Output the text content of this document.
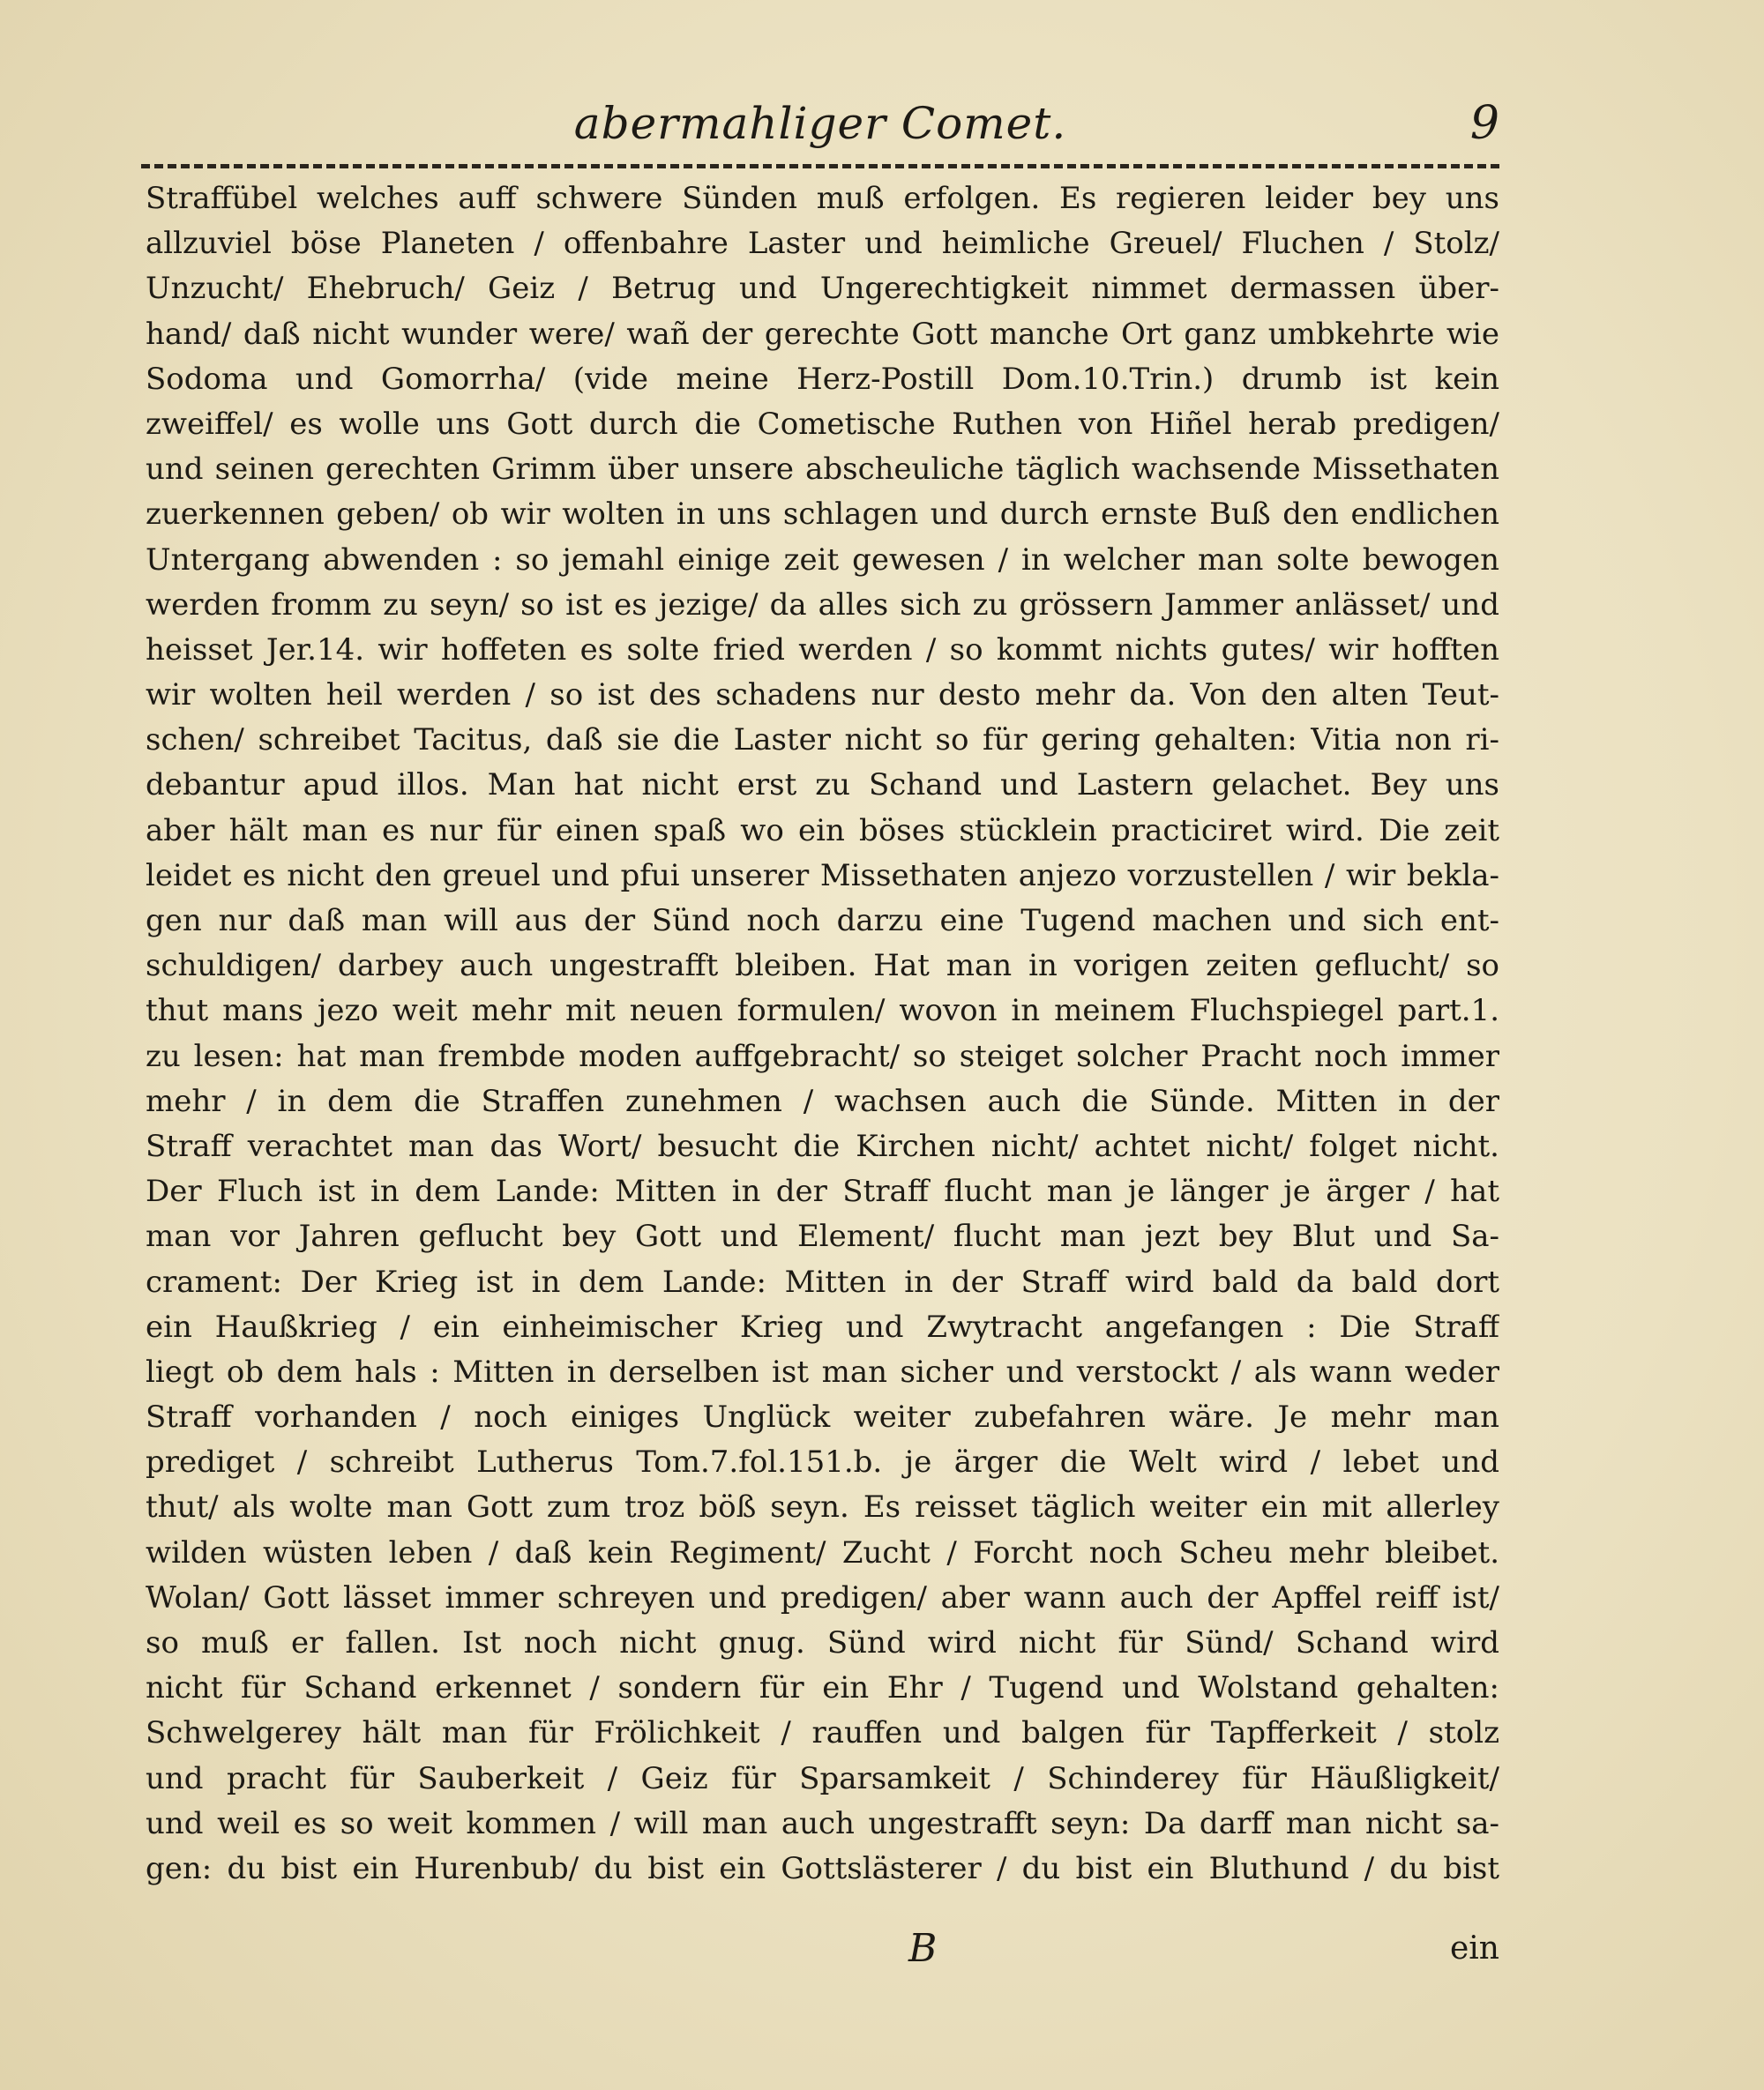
abermahliger Comet.	9
Straffübel welches auff schwere Sünden muß erfolgen. Es regieren leider bey uns
allzuviel böse Planeten / offenbahre Laster und heimliche Greuel/ Fluchen / Stolz/
Unzucht/ Ehebruch/ Geiz / Betrug und Ungerechtigkeit nimmet dermassen über-
hand/ daß nicht wunder were/ wañ der gerechte Gott manche Ort ganz umbkehrte wie
Sodoma und Gomorrha/ (vide meine Herz-Postill Dom.10.Trin.) drumb ist kein
zweiffel/ es wolle uns Gott durch die Cometische Ruthen von Hiñel herab predigen/
und seinen gerechten Grimm über unsere abscheuliche täglich wachsende Missethaten
zuerkennen geben/ ob wir wolten in uns schlagen und durch ernste Buß den endlichen
Untergang abwenden : so jemahl einige zeit gewesen / in welcher man solte bewogen
werden fromm zu seyn/ so ist es jezige/ da alles sich zu grössern Jammer anlässet/ und
heisset Jer.14. wir hoffeten es solte fried werden / so kommt nichts gutes/ wir hofften
wir wolten heil werden / so ist des schadens nur desto mehr da. Von den alten Teut-
schen/ schreibet Tacitus, daß sie die Laster nicht so für gering gehalten: Vitia non ri-
debantur apud illos. Man hat nicht erst zu Schand und Lastern gelachet. Bey uns
aber hält man es nur für einen spaß wo ein böses stücklein practiciret wird. Die zeit
leidet es nicht den greuel und pfui unserer Missethaten anjezo vorzustellen / wir bekla-
gen nur daß man will aus der Sünd noch darzu eine Tugend machen und sich ent-
schuldigen/ darbey auch ungestrafft bleiben. Hat man in vorigen zeiten geflucht/ so
thut mans jezo weit mehr mit neuen formulen/ wovon in meinem Fluchspiegel part.1.
zu lesen: hat man frembde moden auffgebracht/ so steiget solcher Pracht noch immer
mehr / in dem die Straffen zunehmen / wachsen auch die Sünde. Mitten in der
Straff verachtet man das Wort/ besucht die Kirchen nicht/ achtet nicht/ folget nicht.
Der Fluch ist in dem Lande: Mitten in der Straff flucht man je länger je ärger / hat
man vor Jahren geflucht bey Gott und Element/ flucht man jezt bey Blut und Sa-
crament: Der Krieg ist in dem Lande: Mitten in der Straff wird bald da bald dort
ein Haußkrieg / ein einheimischer Krieg und Zwytracht angefangen : Die Straff
liegt ob dem hals : Mitten in derselben ist man sicher und verstockt / als wann weder
Straff vorhanden / noch einiges Unglück weiter zubefahren wäre. Je mehr man
prediget / schreibt Lutherus Tom.7.fol.151.b. je ärger die Welt wird / lebet und
thut/ als wolte man Gott zum troz böß seyn. Es reisset täglich weiter ein mit allerley
wilden wüsten leben / daß kein Regiment/ Zucht / Forcht noch Scheu mehr bleibet.
Wolan/ Gott lässet immer schreyen und predigen/ aber wann auch der Apffel reiff ist/
so muß er fallen. Ist noch nicht gnug. Sünd wird nicht für Sünd/ Schand wird
nicht für Schand erkennet / sondern für ein Ehr / Tugend und Wolstand gehalten:
Schwelgerey hält man für Frölichkeit / rauffen und balgen für Tapfferkeit / stolz
und pracht für Sauberkeit / Geiz für Sparsamkeit / Schinderey für Häußligkeit/
und weil es so weit kommen / will man auch ungestrafft seyn: Da darff man nicht sa-
gen: du bist ein Hurenbub/ du bist ein Gottslästerer / du bist ein Bluthund / du bist
B	ein
